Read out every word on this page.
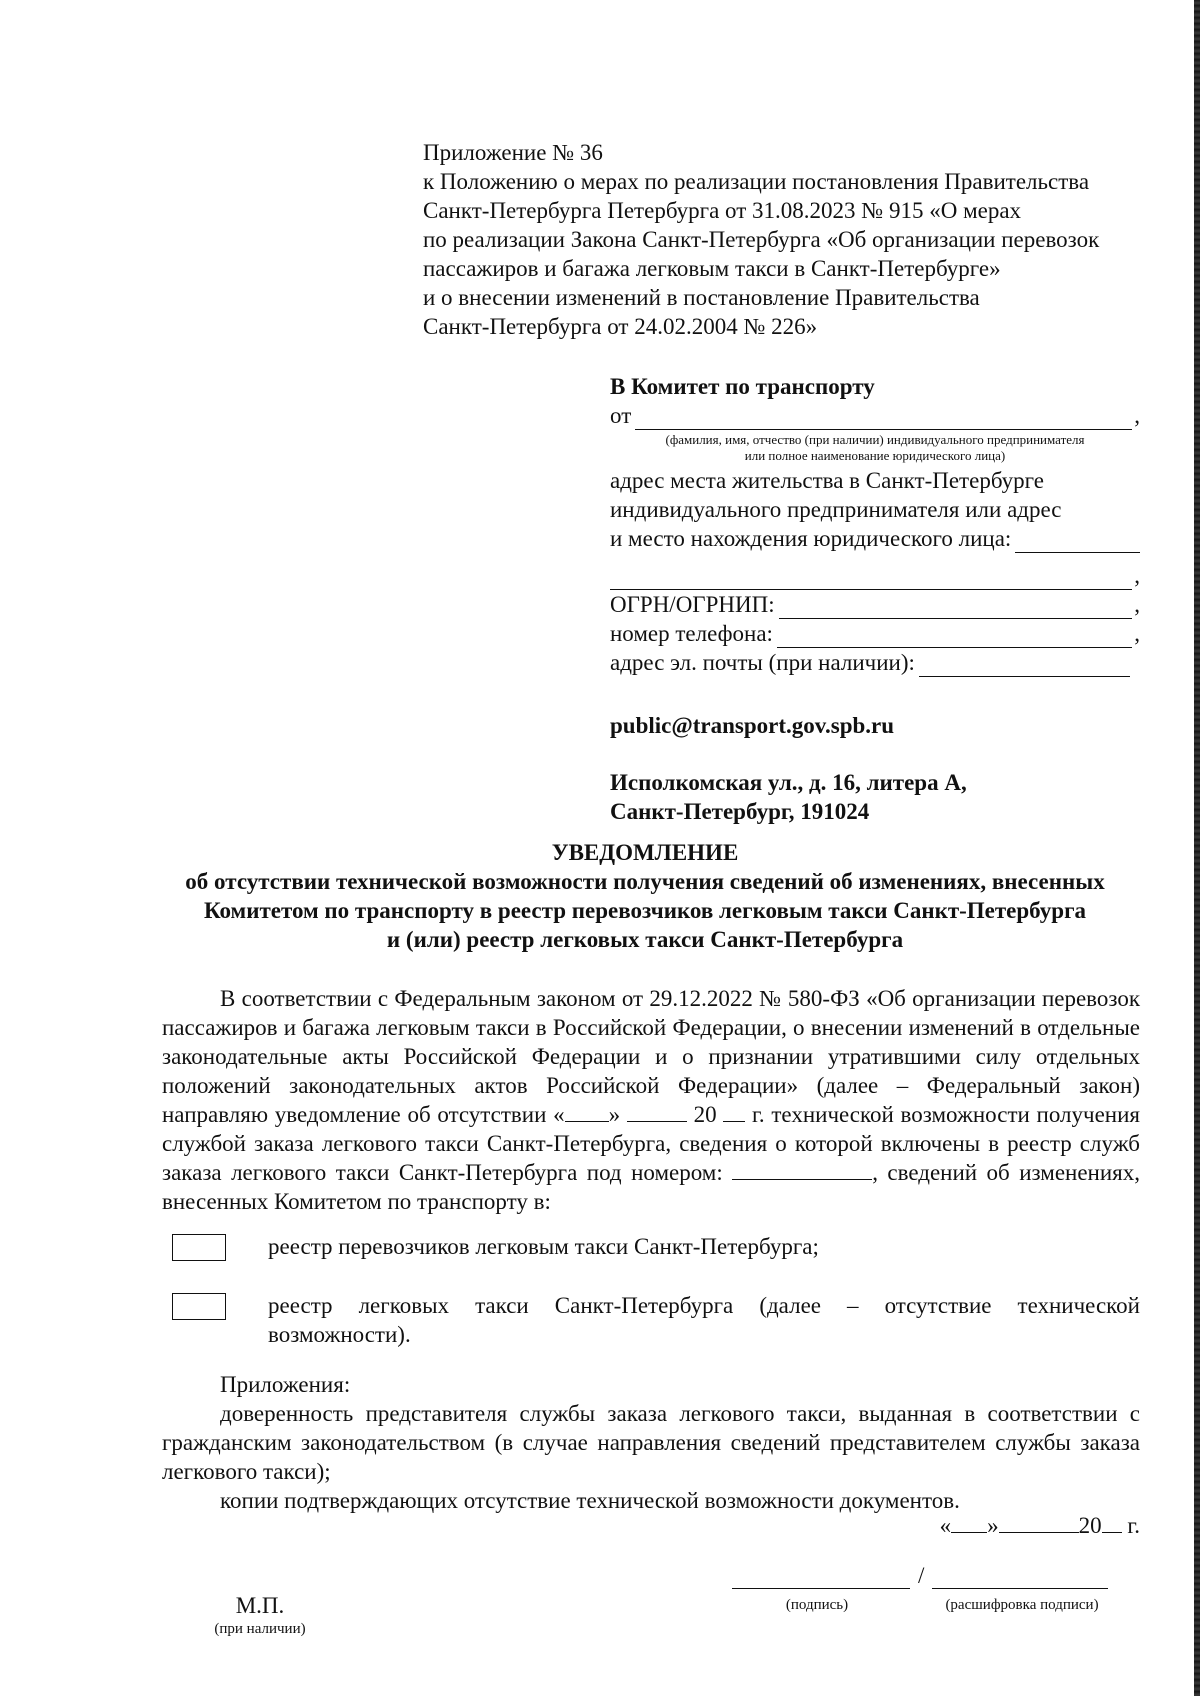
Приложение № 36
к Положению о мерах по реализации постановления Правительства
Санкт-Петербурга Петербурга от 31.08.2023 № 915 «О мерах
по реализации Закона Санкт-Петербурга «Об организации перевозок
пассажиров и багажа легковым такси в Санкт-Петербурге»
и о внесении изменений в постановление Правительства
Санкт-Петербурга от 24.02.2004 № 226»
В Комитет по транспорту
от	,
(фамилия, имя, отчество (при наличии) индивидуального предпринимателя
или полное наименование юридического лица)
адрес места жительства в Санкт-Петербурге
индивидуального предпринимателя или адрес
и место нахождения юридического лица:
,
ОГРН/ОГРНИП:	,
номер телефона:	,
адрес эл. почты (при наличии):
public@transport.gov.spb.ru
Исполкомская ул., д. 16, литера А,
Санкт-Петербург, 191024
УВЕДОМЛЕНИЕ
об отсутствии технической возможности получения сведений об изменениях, внесенных
Комитетом по транспорту в реестр перевозчиков легковым такси Санкт-Петербурга
и (или) реестр легковых такси Санкт-Петербурга
В соответствии с Федеральным законом от 29.12.2022 № 580-ФЗ «Об организации перевозок пассажиров и багажа легковым такси в Российской Федерации, о внесении изменений в отдельные законодательные акты Российской Федерации и о признании утратившими силу отдельных положений законодательных актов Российской Федерации» (далее – Федеральный закон) направляю уведомление об отсутствии « »	20 г. технической возможности получения службой заказа легкового такси Санкт-Петербурга, сведения о которой включены в реестр служб заказа легкового такси Санкт-Петербурга под номером:	, сведений об изменениях, внесенных Комитетом по транспорту в:
реестр перевозчиков легковым такси Санкт-Петербурга;
реестр легковых такси Санкт-Петербурга (далее – отсутствие технической возможности).
Приложения:
доверенность представителя службы заказа легкового такси, выданная в соответствии с гражданским законодательством (в случае направления сведений представителем службы заказа легкового такси);
копии подтверждающих отсутствие технической возможности документов.
« »	20 г.
/
(подпись)	(расшифровка подписи)
М.П.
(при наличии)
